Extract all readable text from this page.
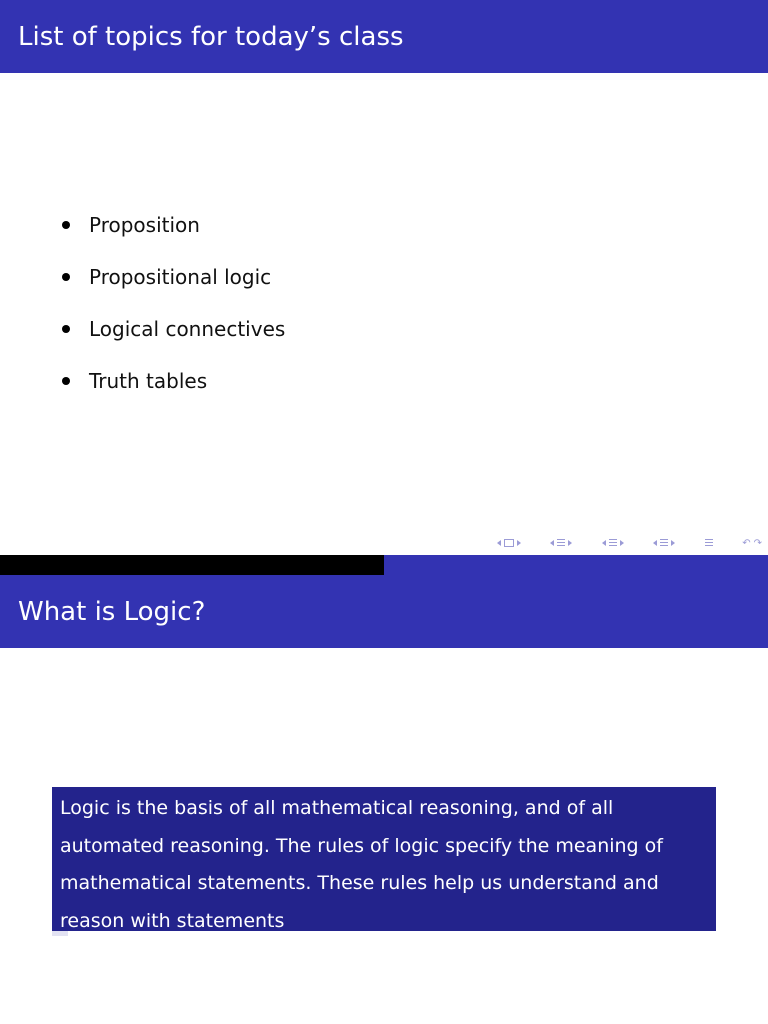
List of topics for today’s class
Proposition
Propositional logic
Logical connectives
Truth tables
↶ ↷
What is Logic?
Logic is the basis of all mathematical reasoning, and of all automated reasoning. The rules of logic specify the meaning of mathematical statements. These rules help us understand and reason with statements
